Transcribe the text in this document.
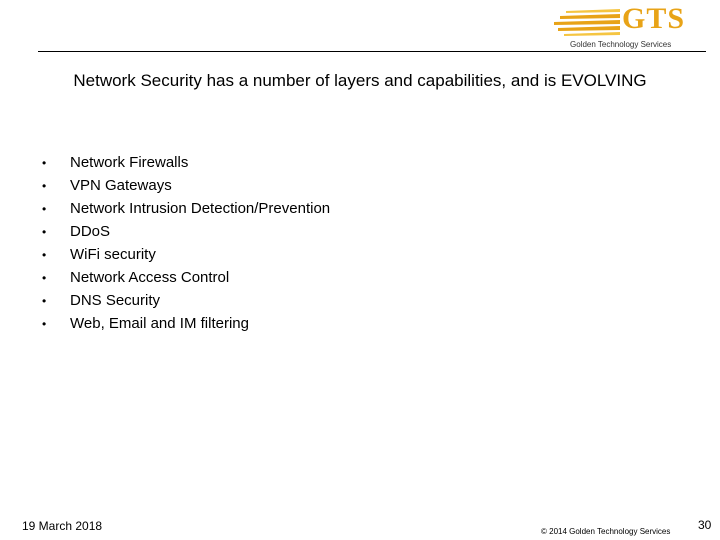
GTS
Golden Technology Services
Network Security has a number of layers and capabilities, and is EVOLVING
•	Network Firewalls
•	VPN Gateways
•	Network Intrusion Detection/Prevention
•	DDoS
•	WiFi security
•	Network Access Control
•	DNS Security
•	Web, Email and IM filtering
19 March 2018	© 2014 Golden Technology Services 30
